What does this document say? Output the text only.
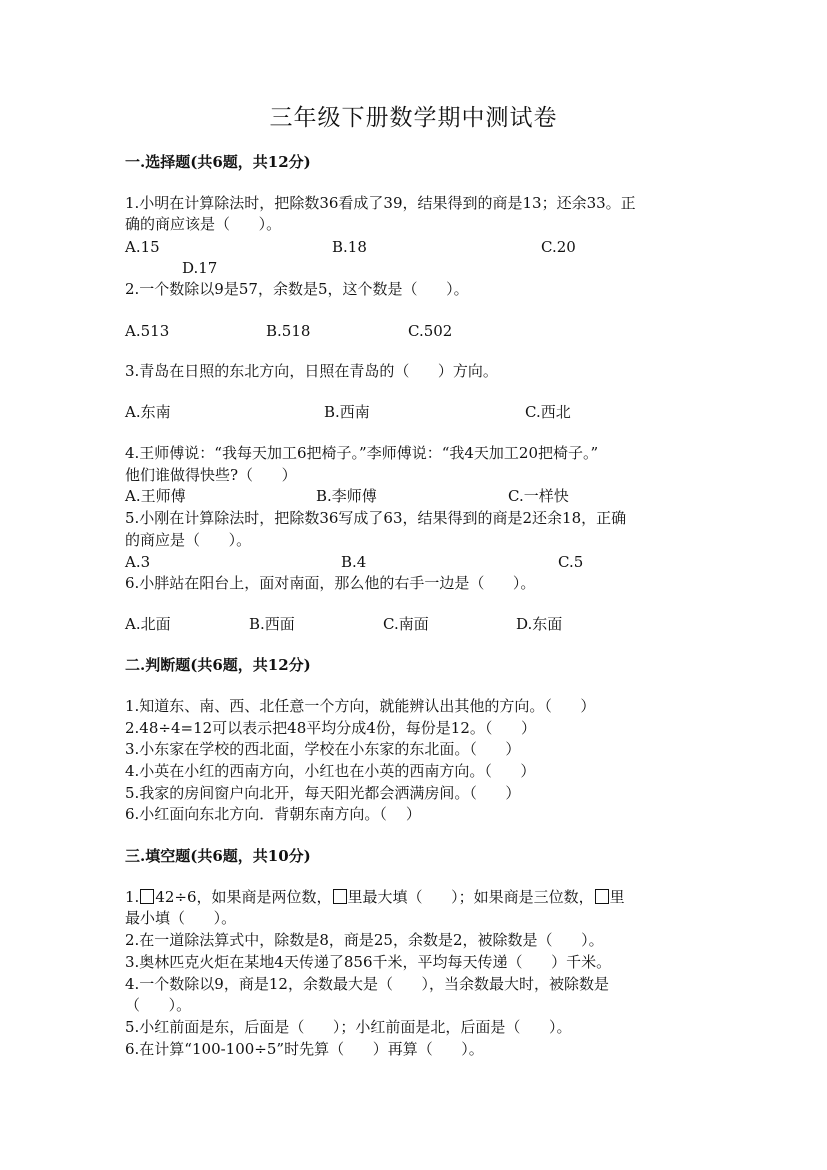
三年级下册数学期中测试卷
一.选择题(共6题，共12分)
1.小明在计算除法时，把除数36看成了39，结果得到的商是13；还余33。正
确的商应该是（      ）。
A.15	B.18	C.20
D.17
2.一个数除以9是57，余数是5，这个数是（      ）。
A.513	B.518	C.502
3.青岛在日照的东北方向，日照在青岛的（      ）方向。
A.东南	B.西南	C.西北
4.王师傅说：“我每天加工6把椅子。”李师傅说：“我4天加工20把椅子。”
他们谁做得快些?（      ）
A.王师傅	B.李师傅	C.一样快
5.小刚在计算除法时，把除数36写成了63，结果得到的商是2还余18，正确
的商应是（      ）。
A.3	B.4	C.5
6.小胖站在阳台上，面对南面，那么他的右手一边是（      ）。
A.北面	B.西面	C.南面	D.东面
二.判断题(共6题，共12分)
1.知道东、南、西、北任意一个方向，就能辨认出其他的方向。（      ）
2.48÷4=12可以表示把48平均分成4份，每份是12。（      ）
3.小东家在学校的西北面，学校在小东家的东北面。（      ）
4.小英在小红的西南方向，小红也在小英的西南方向。（      ）
5.我家的房间窗户向北开，每天阳光都会洒满房间。（      ）
6.小红面向东北方向．背朝东南方向。（    ）
三.填空题(共6题，共10分)
1. 42÷6，如果商是两位数， 里最大填（      ）；如果商是三位数， 里
最小填（      ）。
2.在一道除法算式中，除数是8，商是25，余数是2，被除数是（      ）。
3.奥林匹克火炬在某地4天传递了856千米，平均每天传递（      ）千米。
4.一个数除以9，商是12，余数最大是（      ），当余数最大时，被除数是
（      ）。
5.小红前面是东，后面是（      ）；小红前面是北，后面是（      ）。
6.在计算“100-100÷5”时先算（      ）再算（      ）。
